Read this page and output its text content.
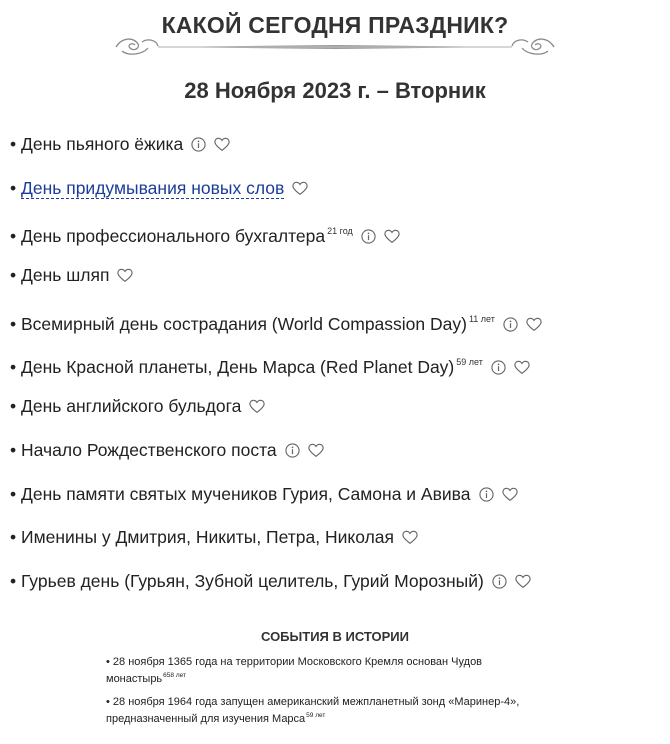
КАКОЙ СЕГОДНЯ ПРАЗДНИК?
28 Ноября 2023 г. – Вторник
• День пьяного ёжика
• День придумывания новых слов
• День профессионального бухгалтера $^{21 год}$
• День шляп
• Всемирный день сострадания (World Compassion Day) $^{11 лет}$
• День Красной планеты, День Марса (Red Planet Day) $^{59 лет}$
• День английского бульдога
• Начало Рождественского поста
• День памяти святых мучеников Гурия, Самона и Авива
• Именины у Дмитрия, Никиты, Петра, Николая
• Гурьев день (Гурьян, Зубной целитель, Гурий Морозный)
СОБЫТИЯ В ИСТОРИИ
• 28 ноября 1365 года на территории Московского Кремля основан Чудов монастырь$^{658 лет}$
• 28 ноября 1964 года запущен американский межпланетный зонд «Маринер-4», предназначенный для изучения Марса$^{59 лет}$
